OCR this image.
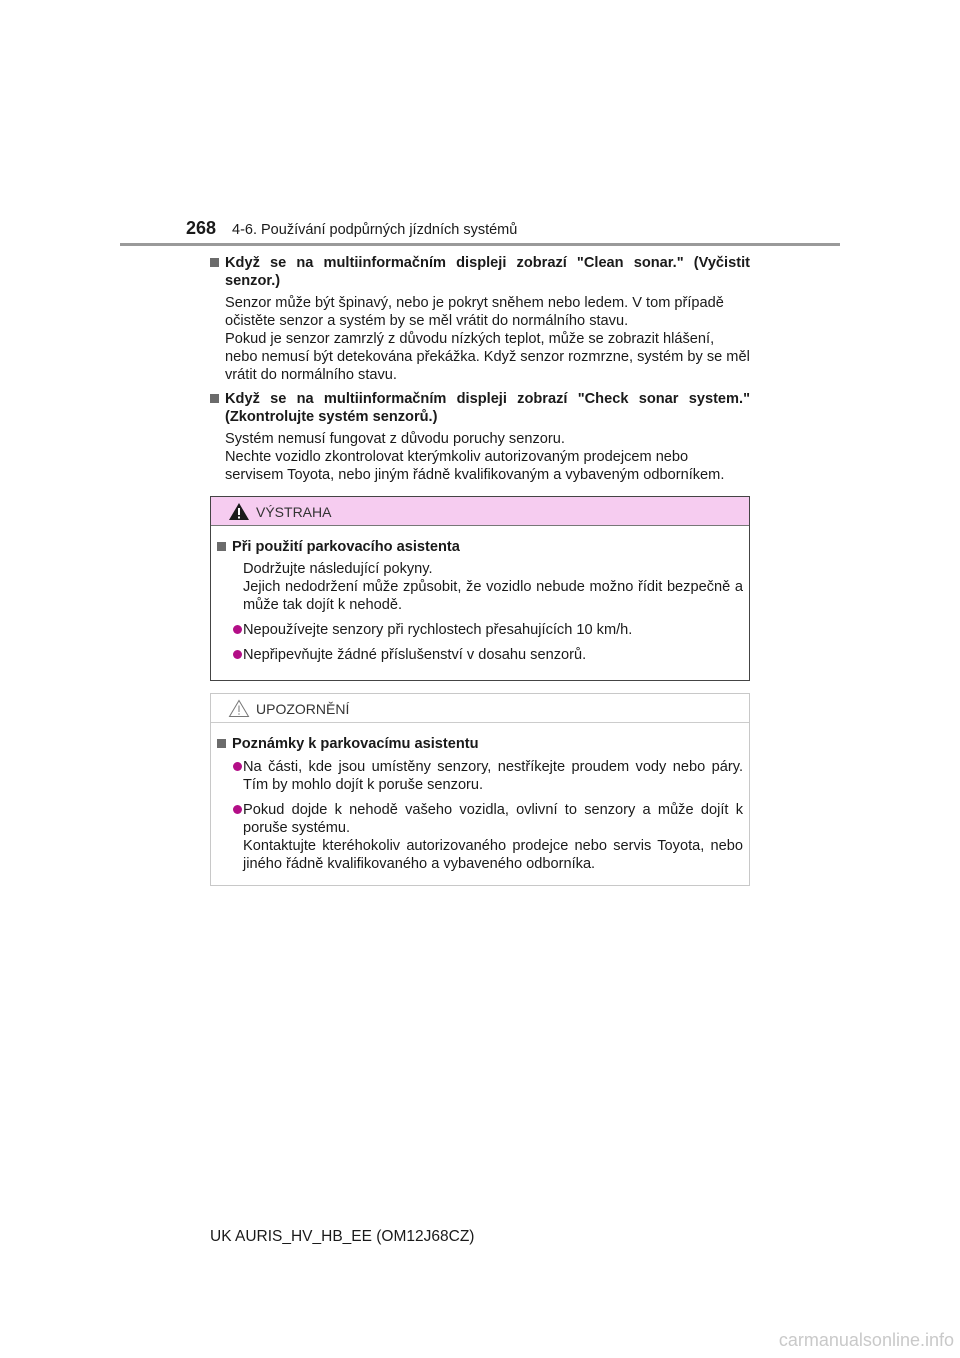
268 4-6. Používání podpůrných jízdních systémů
Když se na multiinformačním displeji zobrazí "Clean sonar." (Vyčistit senzor.)

Senzor může být špinavý, nebo je pokryt sněhem nebo ledem. V tom případě očistěte senzor a systém by se měl vrátit do normálního stavu.

Pokud je senzor zamrzlý z důvodu nízkých teplot, může se zobrazit hlášení, nebo nemusí být detekována překážka. Když senzor rozmrzne, systém by se měl vrátit do normálního stavu.

Když se na multiinformačním displeji zobrazí "Check sonar system." (Zkontrolujte systém senzorů.)

Systém nemusí fungovat z důvodu poruchy senzoru.

Nechte vozidlo zkontrolovat kterýmkoliv autorizovaným prodejcem nebo servisem Toyota, nebo jiným řádně kvalifikovaným a vybaveným odborníkem.

VÝSTRAHA
Při použití parkovacího asistenta

Dodržujte následující pokyny.

Jejich nedodržení může způsobit, že vozidlo nebude možno řídit bezpečně a může tak dojít k nehodě.

Nepoužívejte senzory při rychlostech přesahujících 10 km/h.

Nepřipevňujte žádné příslušenství v dosahu senzorů.

UPOZORNĚNÍ
Poznámky k parkovacímu asistentu

Na části, kde jsou umístěny senzory, nestříkejte proudem vody nebo páry. Tím by mohlo dojít k poruše senzoru.

Pokud dojde k nehodě vašeho vozidla, ovlivní to senzory a může dojít k poruše systému.

Kontaktujte kteréhokoliv autorizovaného prodejce nebo servis Toyota, nebo jiného řádně kvalifikovaného a vybaveného odborníka.

UK AURIS_HV_HB_EE (OM12J68CZ)
carmanualsonline.info
